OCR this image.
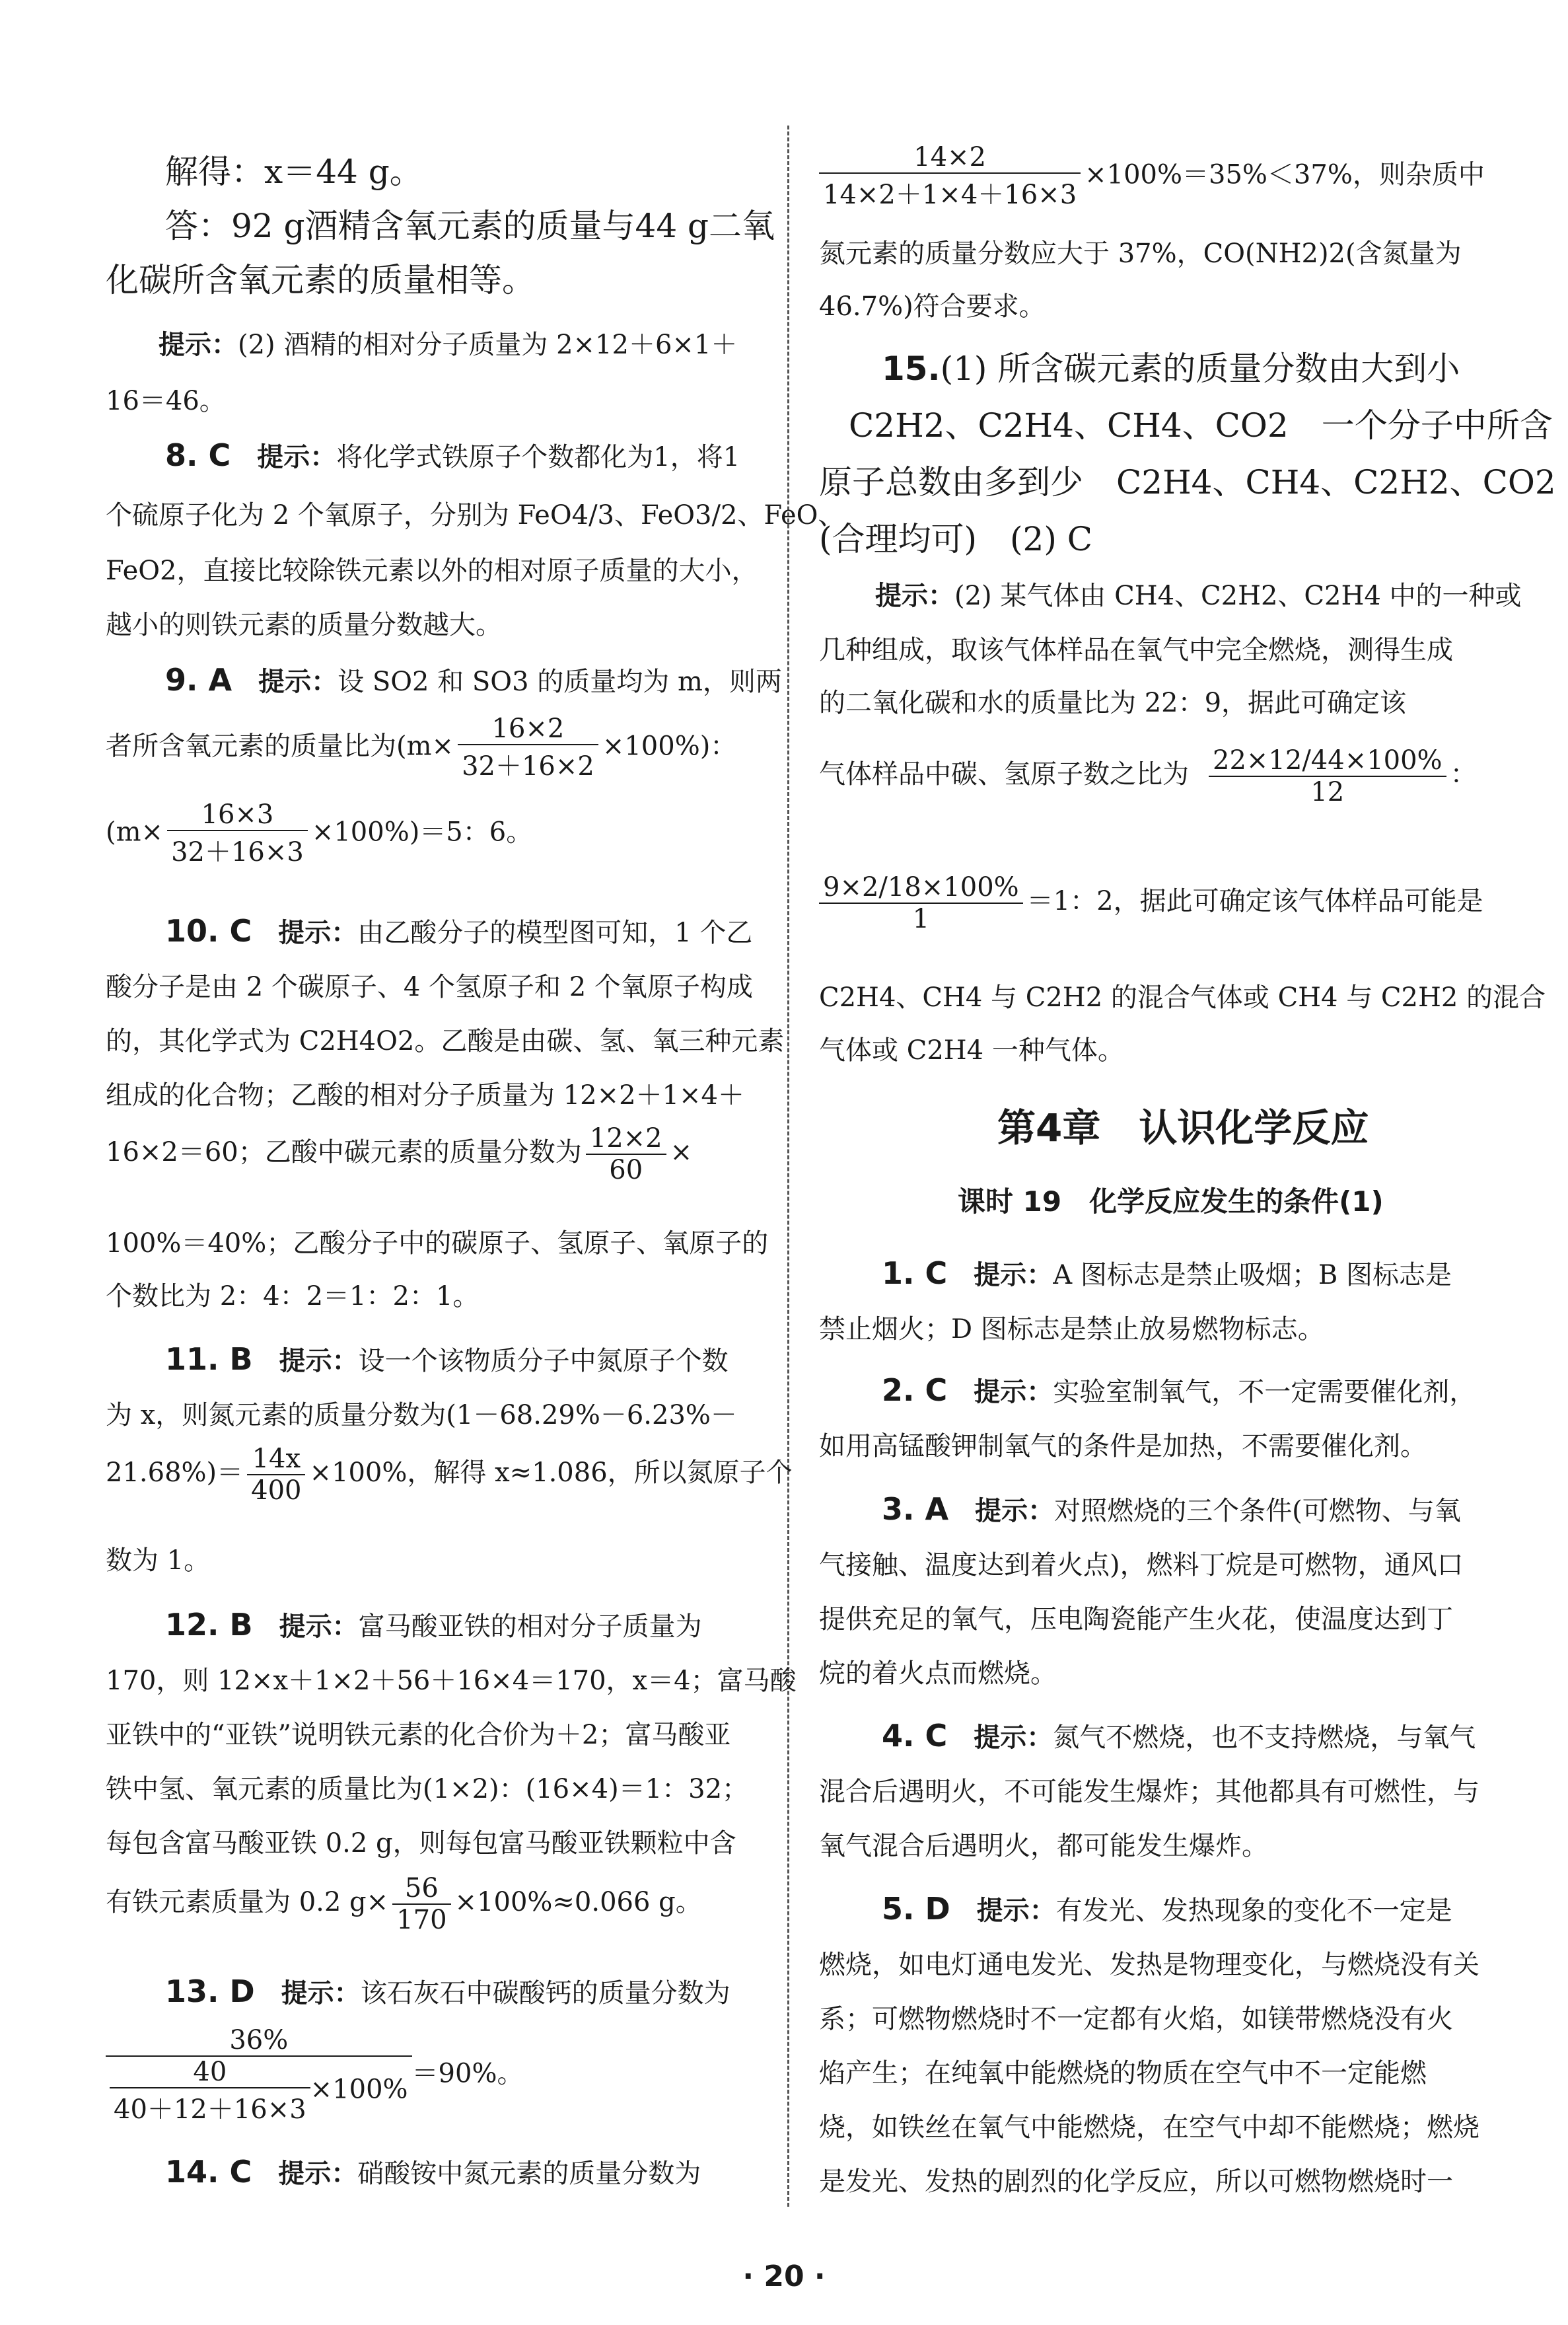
解得：x＝44 g。
答：92 g酒精含氧元素的质量与44 g二氧
化碳所含氧元素的质量相等。
提示：(2) 酒精的相对分子质量为 2×12＋6×1＋
16＝46。
8. C　 提示：将化学式铁原子个数都化为1，将1
个硫原子化为 2 个氧原子，分别为 FeO4/3、FeO3/2、FeO、
FeO2，直接比较除铁元素以外的相对原子质量的大小，
越小的则铁元素的质量分数越大。
9. A　 提示：设 SO2 和 SO3 的质量均为 m，则两
者所含氧元素的质量比为$(m\times \frac{16\times 2}{32+16\times 2} \times 100\%)$：
$(m\times \frac{16\times 3}{32+16\times 3} \times 100\%)=5$：6。
10. C　 提示：由乙酸分子的模型图可知，1 个乙
酸分子是由 2 个碳原子、4 个氢原子和 2 个氧原子构成
的，其化学式为 C2H4O2。乙酸是由碳、氢、氧三种元素
组成的化合物；乙酸的相对分子质量为 12×2＋1×4＋
16×2＝60；乙酸中碳元素的质量分数为 $\frac{12\times 2}{60}$ ×
100%＝40%；乙酸分子中的碳原子、氢原子、氧原子的
个数比为 2：4：2＝1：2：1。
11. B　 提示：设一个该物质分子中氮原子个数
为 x，则氮元素的质量分数为(1－68.29%－6.23%－
$21.68\%)= \frac{14x}{400} \times 100\%$，解得 x≈1.086，所以氮原子个
数为 1。
12. B　 提示：富马酸亚铁的相对分子质量为
170，则 12×x＋1×2＋56＋16×4＝170，x＝4；富马酸
亚铁中的“亚铁”说明铁元素的化合价为＋2；富马酸亚
铁中氢、氧元素的质量比为(1×2)：(16×4)＝1：32；
每包含富马酸亚铁 0.2 g，则每包富马酸亚铁颗粒中含
有铁元素质量为 0.2 $g\times \frac{56}{170} \times 100\%\approx 0.066$ g。
13. D　 提示：该石灰石中碳酸钙的质量分数为
$\frac{36\%}{\frac{40}{40+12+16\times 3} \times 100\%} =90\%$。
14. C　 提示：硝酸铵中氮元素的质量分数为
$\frac{14\times 2}{14\times 2+1\times 4+16\times 3} \times 100\%=35\%<37\%$，则杂质中
氮元素的质量分数应大于 37%，CO(NH2)2(含氮量为
46.7%)符合要求。
15.(1) 所含碳元素的质量分数由大到小
C2H2、C2H4、CH4、CO2　一个分子中所含
原子总数由多到少　C2H4、CH4、C2H2、CO2
(合理均可)　(2) C
提示：(2) 某气体由 CH4、C2H2、C2H4 中的一种或
几种组成，取该气体样品在氧气中完全燃烧，测得生成
的二氧化碳和水的质量比为 22：9，据此可确定该
气体样品中碳、氢原子数之比为 $\frac{22\times 12/44\times 100\%}{12}$ ：
$\frac{9\times 2/18\times 100\%}{1} =1$：2，据此可确定该气体样品可能是
C2H4、CH4 与 C2H2 的混合气体或 CH4 与 C2H2 的混合
气体或 C2H4 一种气体。
第4章　认识化学反应
课时 19　化学反应发生的条件(1)
1. C　 提示：A 图标志是禁止吸烟；B 图标志是
禁止烟火；D 图标志是禁止放易燃物标志。
2. C　 提示：实验室制氧气，不一定需要催化剂，
如用高锰酸钾制氧气的条件是加热，不需要催化剂。
3. A　 提示：对照燃烧的三个条件(可燃物、与氧
气接触、温度达到着火点)，燃料丁烷是可燃物，通风口
提供充足的氧气，压电陶瓷能产生火花，使温度达到丁
烷的着火点而燃烧。
4. C　 提示：氮气不燃烧，也不支持燃烧，与氧气
混合后遇明火，不可能发生爆炸；其他都具有可燃性，与
氧气混合后遇明火，都可能发生爆炸。
5. D　 提示：有发光、发热现象的变化不一定是
燃烧，如电灯通电发光、发热是物理变化，与燃烧没有关
系；可燃物燃烧时不一定都有火焰，如镁带燃烧没有火
焰产生；在纯氧中能燃烧的物质在空气中不一定能燃
烧，如铁丝在氧气中能燃烧，在空气中却不能燃烧；燃烧
是发光、发热的剧烈的化学反应，所以可燃物燃烧时一
· 20 ·
